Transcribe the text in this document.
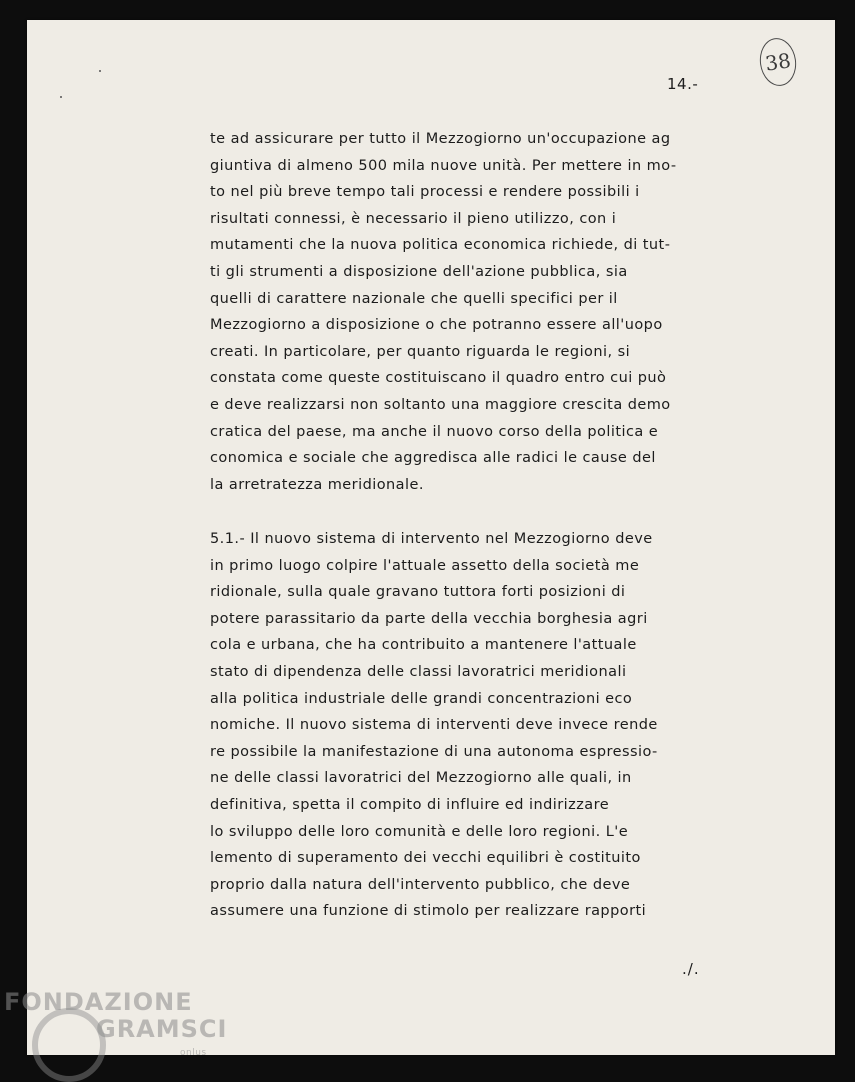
38
14.-
te ad assicurare per tutto il Mezzogiorno un'occupazione ag
giuntiva di almeno 500 mila nuove unità. Per mettere in mo-
to nel più breve tempo tali processi e rendere possibili i
risultati connessi, è necessario il pieno utilizzo, con i
mutamenti che la nuova politica economica richiede, di tut-
ti gli strumenti a disposizione dell'azione pubblica, sia
quelli di carattere nazionale che quelli specifici per il
Mezzogiorno a disposizione o che potranno essere all'uopo
creati. In particolare, per quanto riguarda le regioni, si
constata come queste costituiscano il quadro entro cui può
e deve realizzarsi non soltanto una maggiore crescita demo
cratica del paese, ma anche il nuovo corso della politica e
conomica e sociale che aggredisca alle radici le cause del
la arretratezza meridionale.
5.1.- Il nuovo sistema di intervento nel Mezzogiorno deve
in primo luogo colpire l'attuale assetto della società me
ridionale, sulla quale gravano tuttora forti posizioni di
potere parassitario da parte della vecchia borghesia agri
cola e urbana, che ha contribuito a mantenere l'attuale
stato di dipendenza delle classi lavoratrici meridionali
alla politica industriale delle grandi concentrazioni eco
nomiche. Il nuovo sistema di interventi deve invece rende
re possibile la manifestazione di una autonoma espressio-
ne delle classi lavoratrici del Mezzogiorno alle quali, in
definitiva, spetta il compito di influire ed indirizzare
lo sviluppo delle loro comunità e delle loro regioni. L'e
lemento di superamento dei vecchi equilibri è costituito
proprio dalla natura dell'intervento pubblico, che deve
assumere una funzione di stimolo per realizzare rapporti
./.
FONDAZIONE
GRAMSCI
onlus
